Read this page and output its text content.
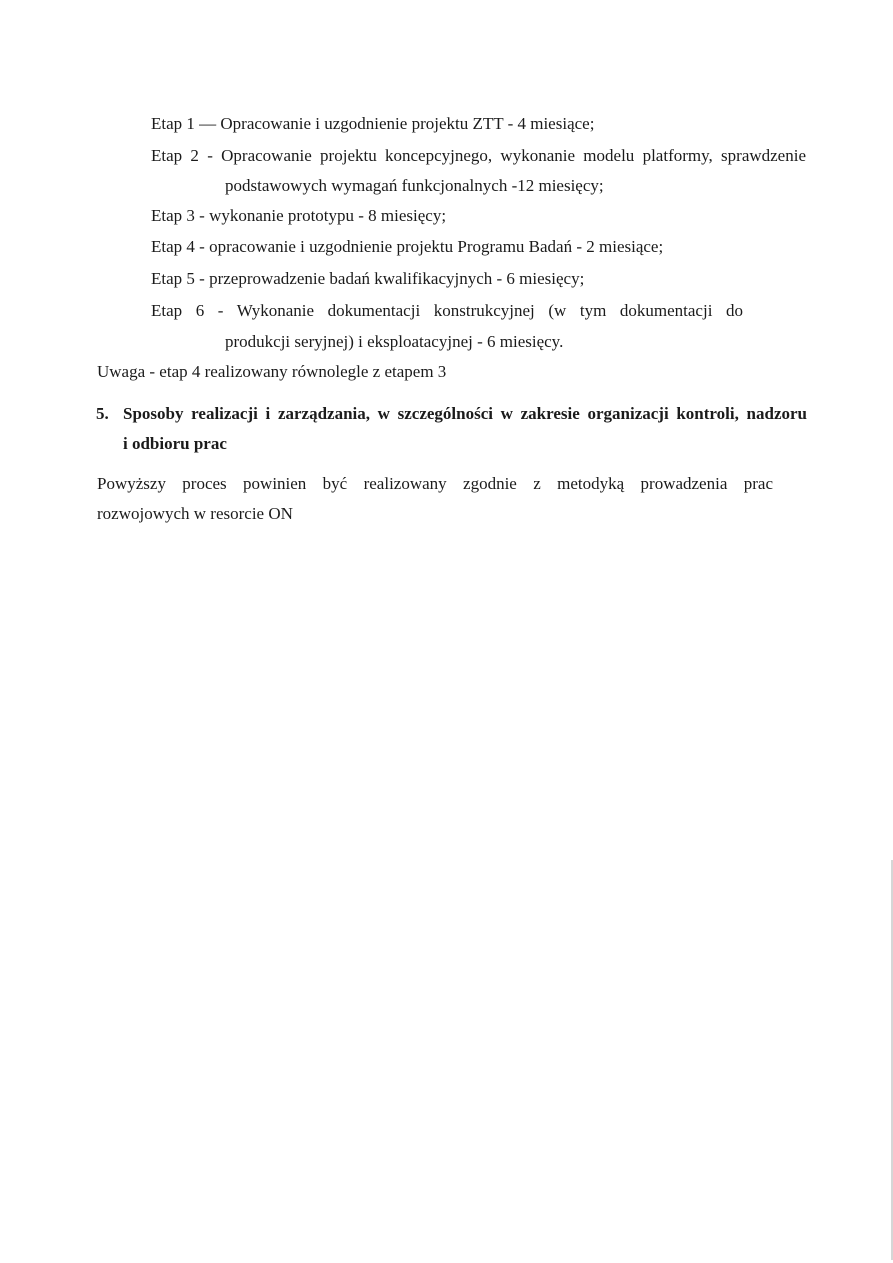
Etap 1 — Opracowanie i uzgodnienie projektu ZTT - 4 miesiące;
Etap 2 - Opracowanie projektu koncepcyjnego, wykonanie modelu platformy, sprawdzenie
podstawowych wymagań funkcjonalnych -12 miesięcy;
Etap 3 - wykonanie prototypu - 8 miesięcy;
Etap 4 - opracowanie i uzgodnienie projektu Programu Badań - 2 miesiące;
Etap 5 - przeprowadzenie badań kwalifikacyjnych - 6 miesięcy;
Etap 6 - Wykonanie dokumentacji konstrukcyjnej (w tym dokumentacji do
produkcji seryjnej) i eksploatacyjnej - 6 miesięcy.
Uwaga - etap 4 realizowany równolegle z etapem 3
5. Sposoby realizacji i zarządzania, w szczególności w zakresie organizacji kontroli, nadzoru
i odbioru prac
Powyższy proces powinien być realizowany zgodnie z metodyką prowadzenia prac
rozwojowych w resorcie ON
